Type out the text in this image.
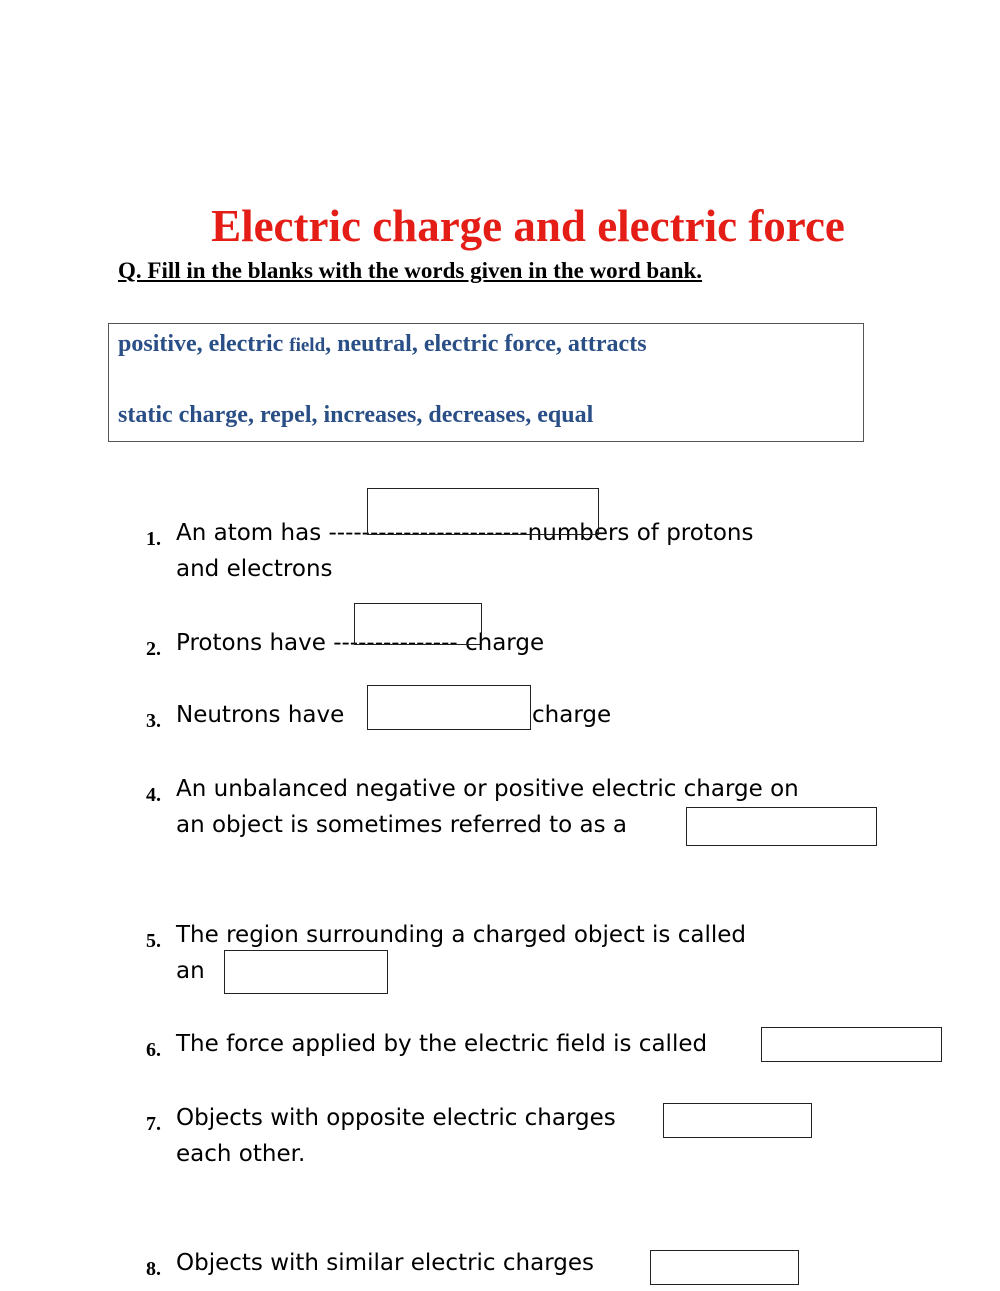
Electric charge and electric force

Q. Fill in the blanks with the words given in the word bank.

positive, electric field, neutral, electric force, attracts

static charge, repel, increases, decreases, equal

1. An atom has ------------------------numbers of protons
and electrons
2. Protons have --------------- charge
3. Neutrons have	charge
4. An unbalanced negative or positive electric charge on
an object is sometimes referred to as a
5. The region surrounding a charged object is called
an
6. The force applied by the electric field is called
7. Objects with opposite electric charges
each other.
8. Objects with similar electric charges
